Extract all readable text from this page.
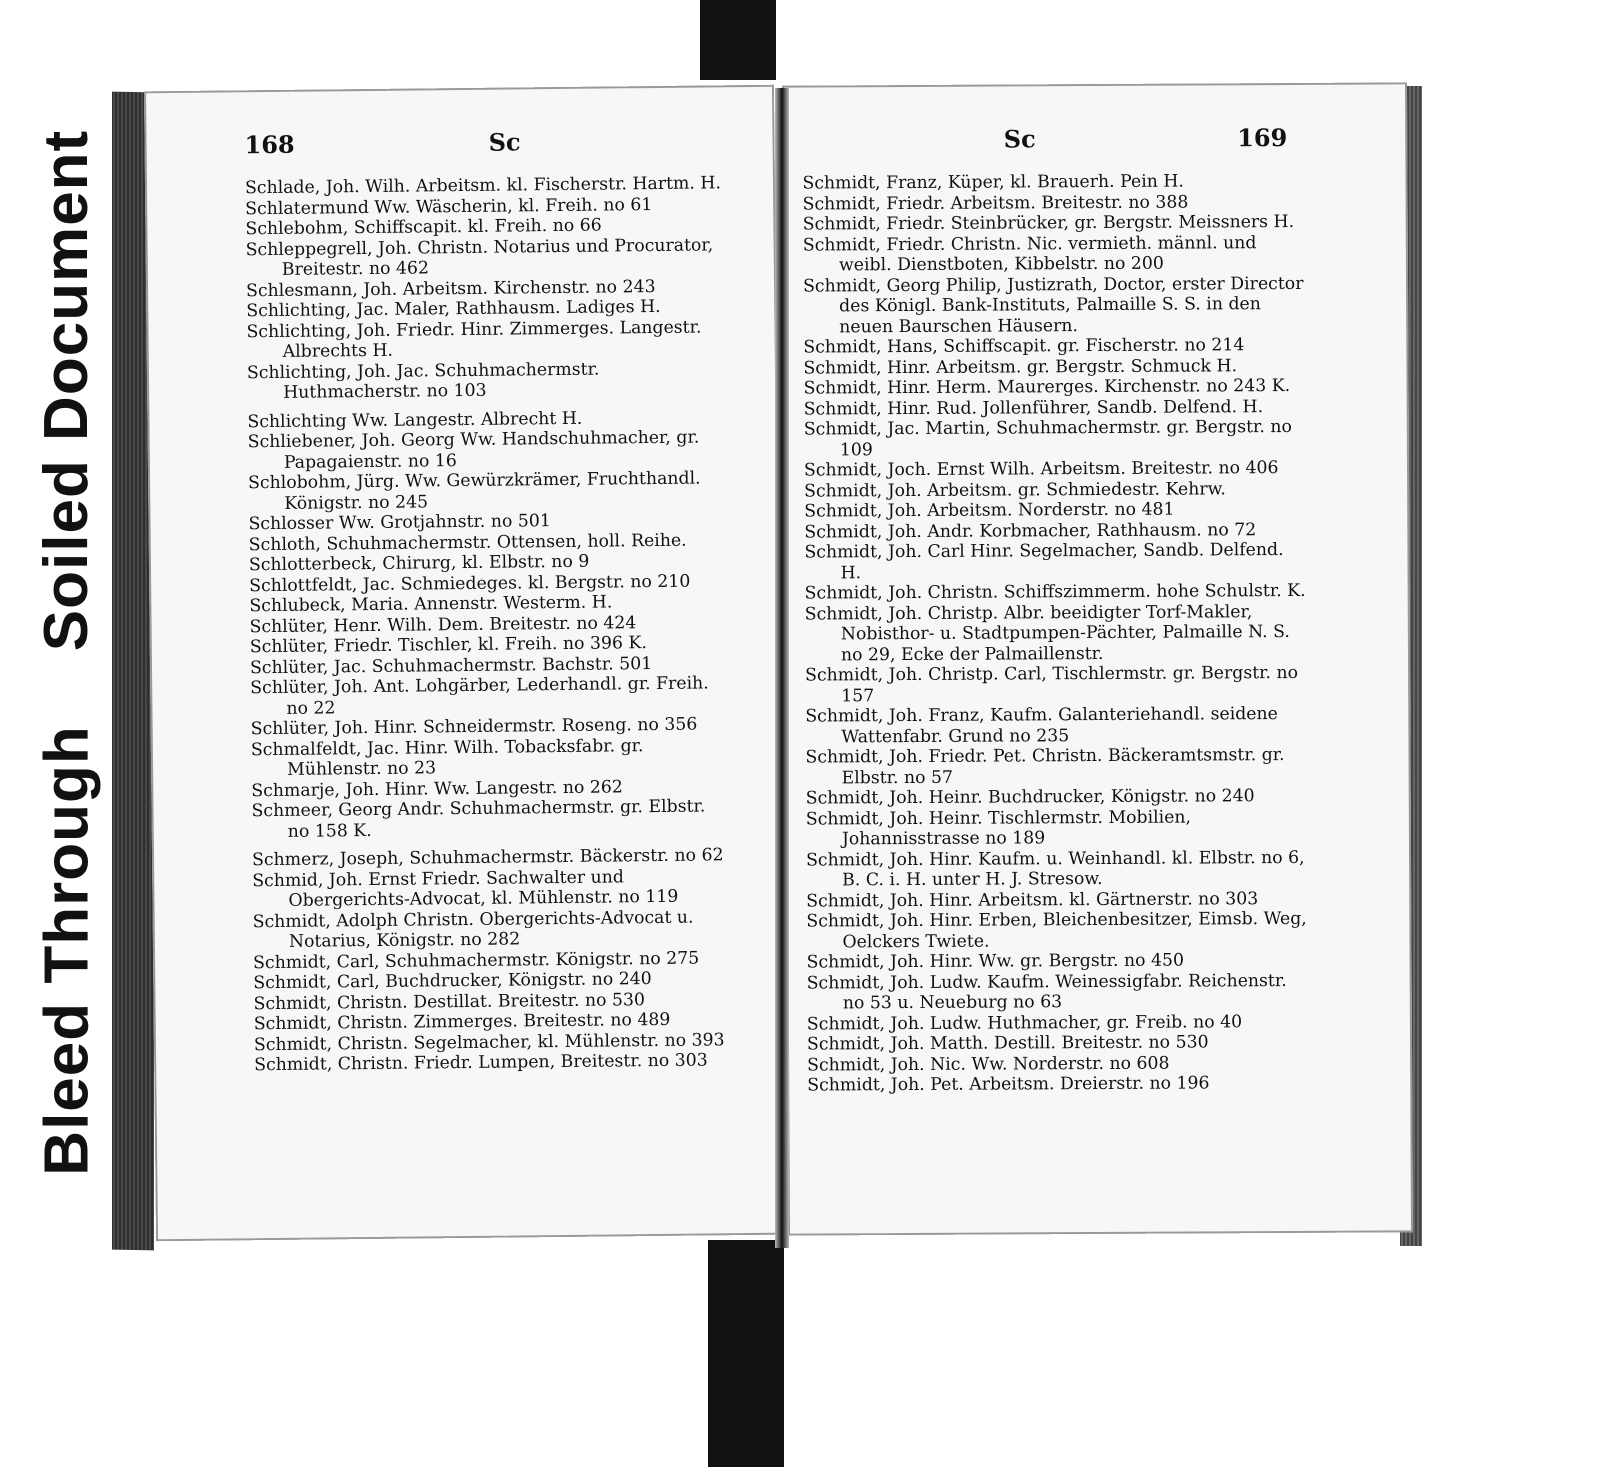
Bleed Through
Soiled Document	168	Sc

Schlade, Joh. Wilh. Arbeitsm. kl. Fischerstr. Hartm. H.

Schlatermund Ww. Wäscherin, kl. Freih. no 61

Schlebohm, Schiffscapit. kl. Freih. no 66

Schleppegrell, Joh. Christn. Notarius und Procurator, Breitestr. no 462

Schlesmann, Joh. Arbeitsm. Kirchenstr. no 243

Schlichting, Jac. Maler, Rathhausm. Ladiges H.

Schlichting, Joh. Friedr. Hinr. Zimmerges. Langestr. Albrechts H.

Schlichting, Joh. Jac. Schuhmachermstr. Huthmacherstr. no 103

Schlichting Ww. Langestr. Albrecht H.

Schliebener, Joh. Georg Ww. Handschuhmacher, gr. Papagaienstr. no 16

Schlobohm, Jürg. Ww. Gewürzkrämer, Fruchthandl. Königstr. no 245

Schlosser Ww. Grotjahnstr. no 501

Schloth, Schuhmachermstr. Ottensen, holl. Reihe.

Schlotterbeck, Chirurg, kl. Elbstr. no 9

Schlottfeldt, Jac. Schmiedeges. kl. Bergstr. no 210

Schlubeck, Maria. Annenstr. Westerm. H.

Schlüter, Henr. Wilh. Dem. Breitestr. no 424

Schlüter, Friedr. Tischler, kl. Freih. no 396 K.

Schlüter, Jac. Schuhmachermstr. Bachstr. 501

Schlüter, Joh. Ant. Lohgärber, Lederhandl. gr. Freih. no 22

Schlüter, Joh. Hinr. Schneidermstr. Roseng. no 356

Schmalfeldt, Jac. Hinr. Wilh. Tobacksfabr. gr. Mühlenstr. no 23

Schmarje, Joh. Hinr. Ww. Langestr. no 262

Schmeer, Georg Andr. Schuhmachermstr. gr. Elbstr. no 158 K.

Schmerz, Joseph, Schuhmachermstr. Bäckerstr. no 62

Schmid, Joh. Ernst Friedr. Sachwalter und Obergerichts-Advocat, kl. Mühlenstr. no 119

Schmidt, Adolph Christn. Obergerichts-Advocat u. Notarius, Königstr. no 282

Schmidt, Carl, Schuhmachermstr. Königstr. no 275

Schmidt, Carl, Buchdrucker, Königstr. no 240

Schmidt, Christn. Destillat. Breitestr. no 530

Schmidt, Christn. Zimmerges. Breitestr. no 489

Schmidt, Christn. Segelmacher, kl. Mühlenstr. no 393

Schmidt, Christn. Friedr. Lumpen, Breitestr. no 303

Sc	169

Schmidt, Franz, Küper, kl. Brauerh. Pein H.

Schmidt, Friedr. Arbeitsm. Breitestr. no 388

Schmidt, Friedr. Steinbrücker, gr. Bergstr. Meissners H.

Schmidt, Friedr. Christn. Nic. vermieth. männl. und weibl. Dienstboten, Kibbelstr. no 200

Schmidt, Georg Philip, Justizrath, Doctor, erster Director des Königl. Bank-Instituts, Palmaille S. S. in den neuen Baurschen Häusern.

Schmidt, Hans, Schiffscapit. gr. Fischerstr. no 214

Schmidt, Hinr. Arbeitsm. gr. Bergstr. Schmuck H.

Schmidt, Hinr. Herm. Maurerges. Kirchenstr. no 243 K.

Schmidt, Hinr. Rud. Jollenführer, Sandb. Delfend. H.

Schmidt, Jac. Martin, Schuhmachermstr. gr. Bergstr. no 109

Schmidt, Joch. Ernst Wilh. Arbeitsm. Breitestr. no 406

Schmidt, Joh. Arbeitsm. gr. Schmiedestr. Kehrw.

Schmidt, Joh. Arbeitsm. Norderstr. no 481

Schmidt, Joh. Andr. Korbmacher, Rathhausm. no 72

Schmidt, Joh. Carl Hinr. Segelmacher, Sandb. Delfend. H.

Schmidt, Joh. Christn. Schiffszimmerm. hohe Schulstr. K.

Schmidt, Joh. Christp. Albr. beeidigter Torf-Makler, Nobisthor- u. Stadtpumpen-Pächter, Palmaille N. S. no 29, Ecke der Palmaillenstr.

Schmidt, Joh. Christp. Carl, Tischlermstr. gr. Bergstr. no 157

Schmidt, Joh. Franz, Kaufm. Galanteriehandl. seidene Wattenfabr. Grund no 235

Schmidt, Joh. Friedr. Pet. Christn. Bäckeramtsmstr. gr. Elbstr. no 57

Schmidt, Joh. Heinr. Buchdrucker, Königstr. no 240

Schmidt, Joh. Heinr. Tischlermstr. Mobilien, Johannisstrasse no 189

Schmidt, Joh. Hinr. Kaufm. u. Weinhandl. kl. Elbstr. no 6, B. C. i. H. unter H. J. Stresow.

Schmidt, Joh. Hinr. Arbeitsm. kl. Gärtnerstr. no 303

Schmidt, Joh. Hinr. Erben, Bleichenbesitzer, Eimsb. Weg, Oelckers Twiete.

Schmidt, Joh. Hinr. Ww. gr. Bergstr. no 450

Schmidt, Joh. Ludw. Kaufm. Weinessigfabr. Reichenstr. no 53 u. Neueburg no 63

Schmidt, Joh. Ludw. Huthmacher, gr. Freib. no 40

Schmidt, Joh. Matth. Destill. Breitestr. no 530

Schmidt, Joh. Nic. Ww. Norderstr. no 608

Schmidt, Joh. Pet. Arbeitsm. Dreierstr. no 196
